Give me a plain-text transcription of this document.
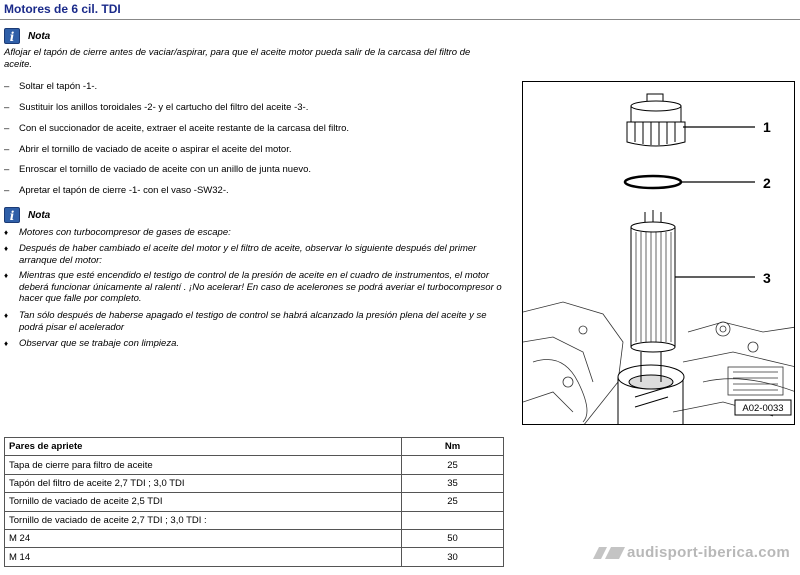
Motores de 6 cil. TDI
i	Nota
Aflojar el tapón de cierre antes de vaciar/aspirar, para que el aceite motor pueda salir de la carcasa del filtro de aceite.
– Soltar el tapón -1-.
– Sustituir los anillos toroidales -2- y el cartucho del filtro del aceite -3-.
– Con el succionador de aceite, extraer el aceite restante de la carcasa del filtro.
– Abrir el tornillo de vaciado de aceite o aspirar el aceite del motor.
– Enroscar el tornillo de vaciado de aceite con un anillo de junta nuevo.
– Apretar el tapón de cierre -1- con el vaso -SW32-.
i	Nota
♦	Motores con turbocompresor de gases de escape:
♦	Después de haber cambiado el aceite del motor y el filtro de aceite, observar lo siguiente después del primer arranque del motor:
♦	Mientras que esté encendido el testigo de control de la presión de aceite en el cuadro de instrumentos, el motor deberá funcionar únicamente al ralentí . ¡No acelerar! En caso de acelerones se podrá averiar el turbocompresor o hacer que falle por completo.
♦	Tan sólo después de haberse apagado el testigo de control se habrá alcanzado la presión plena del aceite y se podrá pisar el acelerador
♦	Observar que se trabaje con limpieza.
1
2
3
A02-0033
Pares de apriete	Nm
Tapa de cierre para filtro de aceite	25
Tapón del filtro de aceite 2,7 TDI ; 3,0 TDI	35
Tornillo de vaciado de aceite 2,5 TDI	25
Tornillo de vaciado de aceite 2,7 TDI ; 3,0 TDI :	
M 24	50
M 14	30	audisport-iberica.com
